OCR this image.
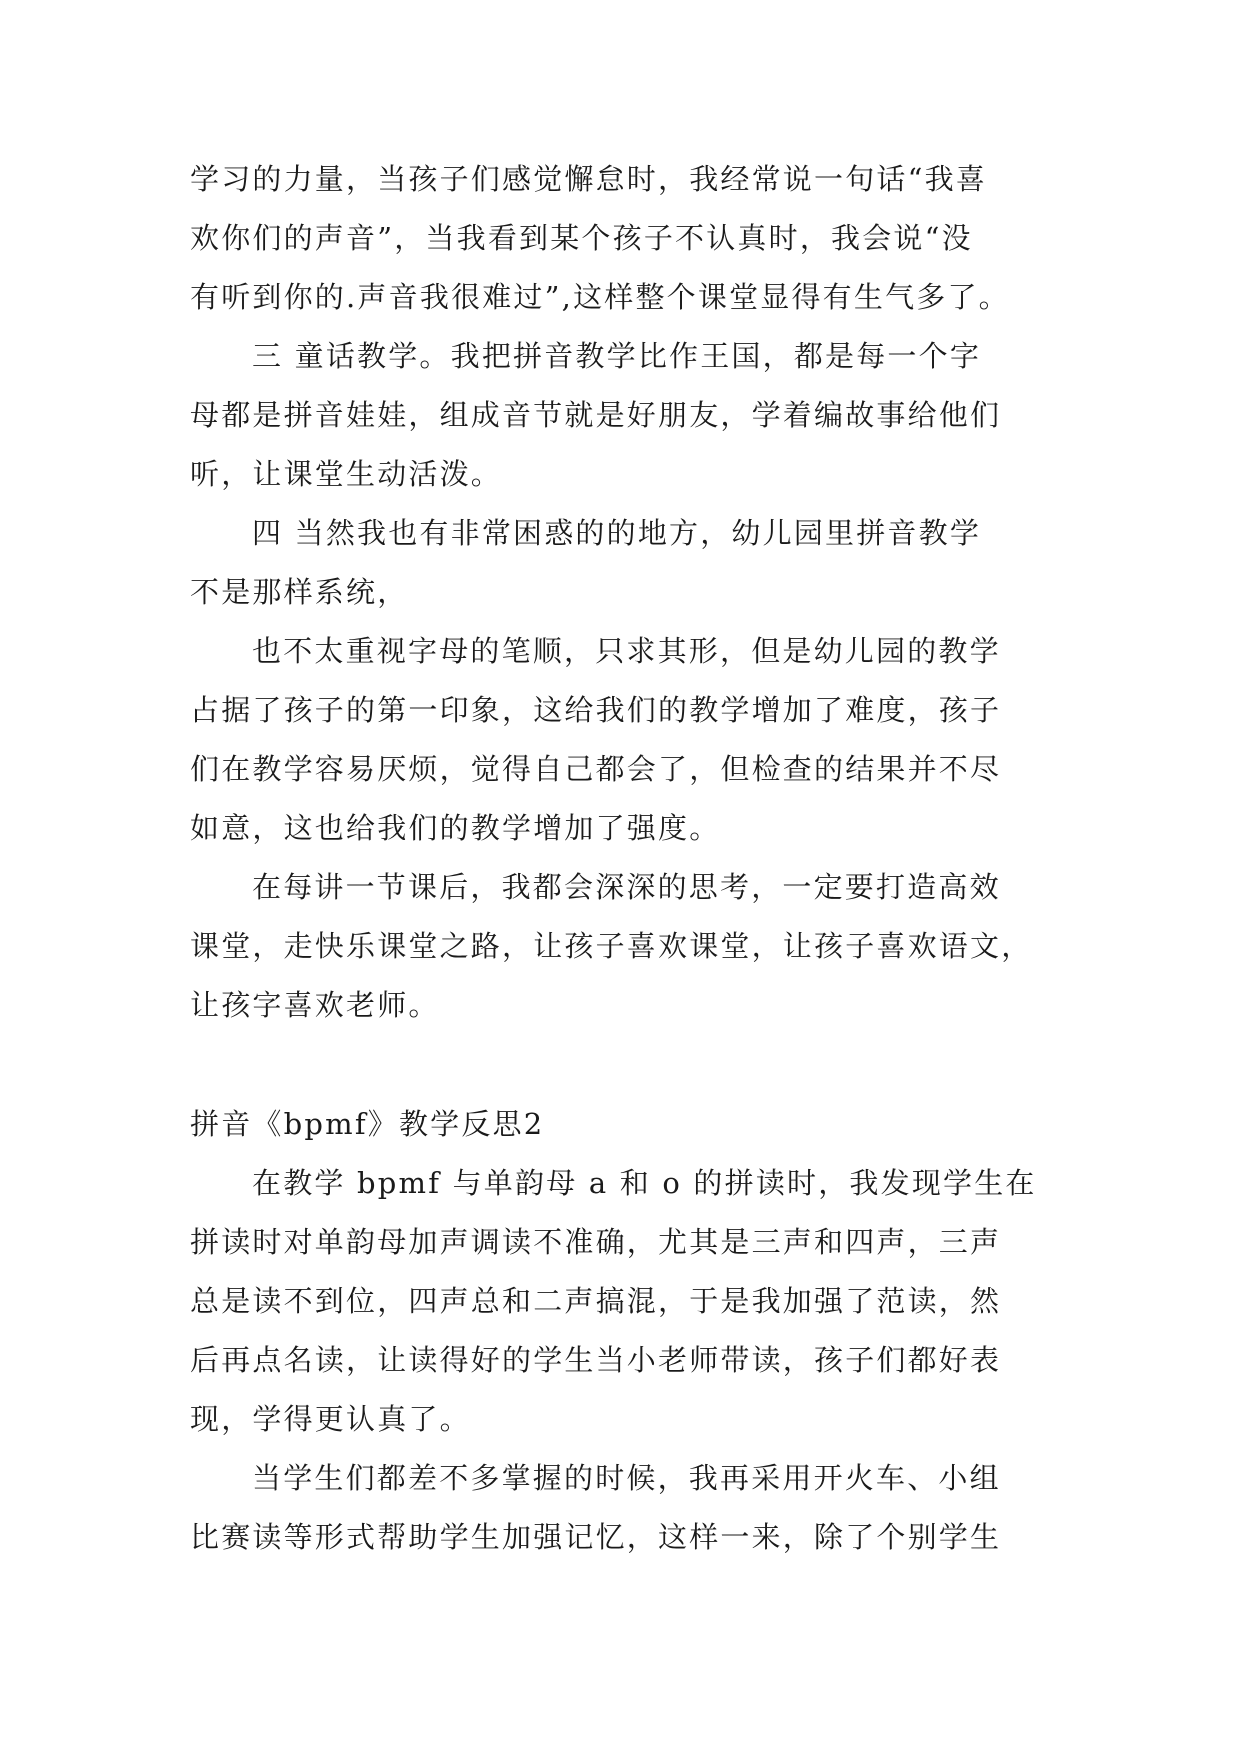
学习的力量，当孩子们感觉懈怠时，我经常说一句话“我喜
欢你们的声音”，当我看到某个孩子不认真时，我会说“没
有听到你的.声音我很难过”,这样整个课堂显得有生气多了。
三 童话教学。我把拼音教学比作王国，都是每一个字
母都是拼音娃娃，组成音节就是好朋友，学着编故事给他们
听，让课堂生动活泼。
四 当然我也有非常困惑的的地方，幼儿园里拼音教学
不是那样系统，
也不太重视字母的笔顺，只求其形，但是幼儿园的教学
占据了孩子的第一印象，这给我们的教学增加了难度，孩子
们在教学容易厌烦，觉得自己都会了，但检查的结果并不尽
如意，这也给我们的教学增加了强度。
在每讲一节课后，我都会深深的思考，一定要打造高效
课堂，走快乐课堂之路，让孩子喜欢课堂，让孩子喜欢语文，
让孩字喜欢老师。
拼音《bpmf》教学反思2
在教学 bpmf 与单韵母 a 和 o 的拼读时，我发现学生在
拼读时对单韵母加声调读不准确，尤其是三声和四声，三声
总是读不到位，四声总和二声搞混，于是我加强了范读，然
后再点名读，让读得好的学生当小老师带读，孩子们都好表
现，学得更认真了。
当学生们都差不多掌握的时候，我再采用开火车、小组
比赛读等形式帮助学生加强记忆，这样一来，除了个别学生
